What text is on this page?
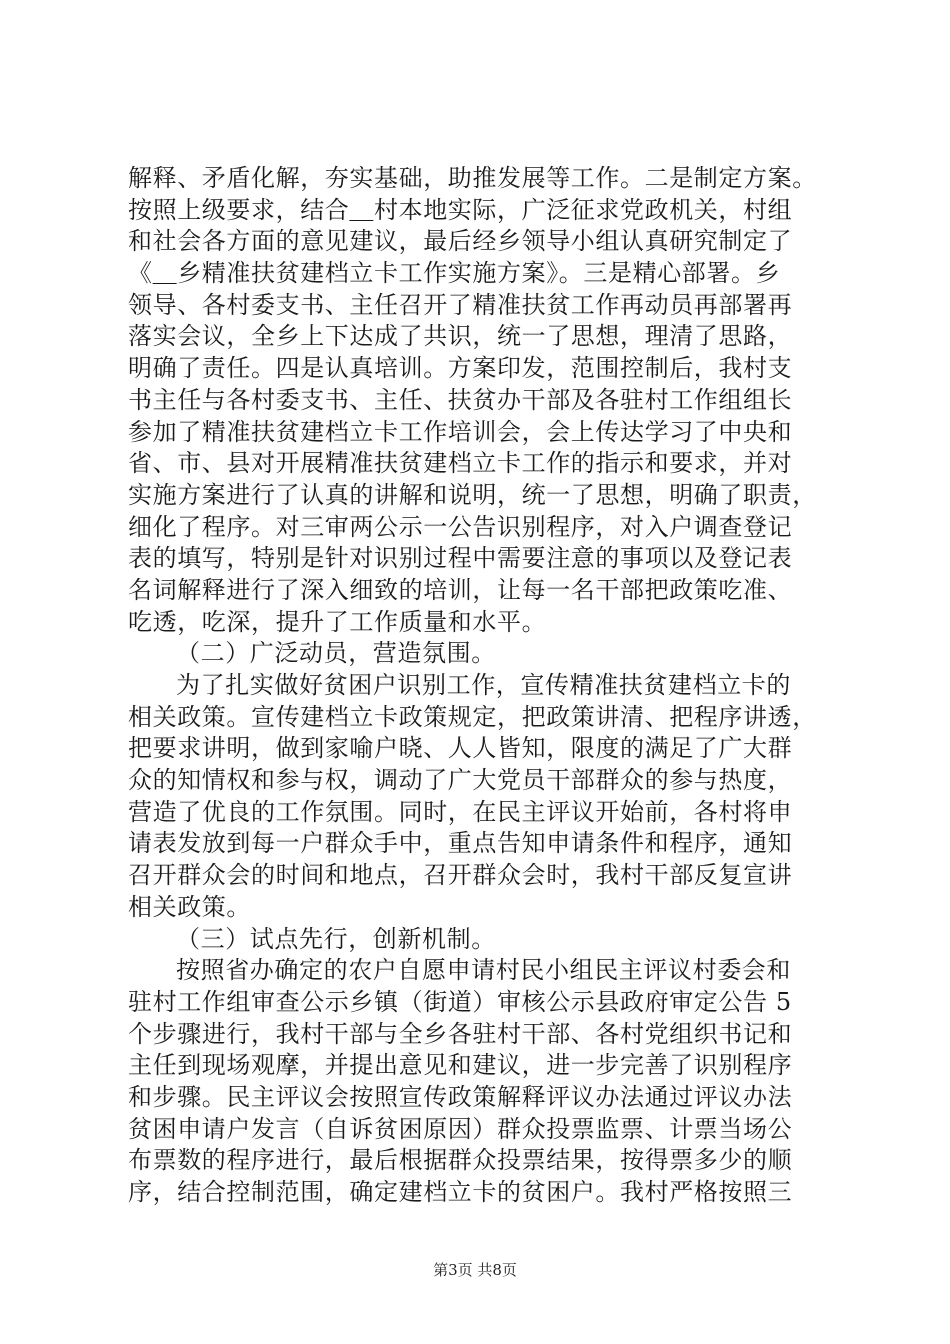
解释、矛盾化解，夯实基础，助推发展等工作。二是制定方案。
按照上级要求，结合＿村本地实际，广泛征求党政机关，村组
和社会各方面的意见建议，最后经乡领导小组认真研究制定了
《＿乡精准扶贫建档立卡工作实施方案》。三是精心部署。乡
领导、各村委支书、主任召开了精准扶贫工作再动员再部署再
落实会议，全乡上下达成了共识，统一了思想，理清了思路，
明确了责任。四是认真培训。方案印发，范围控制后，我村支
书主任与各村委支书、主任、扶贫办干部及各驻村工作组组长
参加了精准扶贫建档立卡工作培训会，会上传达学习了中央和
省、市、县对开展精准扶贫建档立卡工作的指示和要求，并对
实施方案进行了认真的讲解和说明，统一了思想，明确了职责，
细化了程序。对三审两公示一公告识别程序，对入户调查登记
表的填写，特别是针对识别过程中需要注意的事项以及登记表
名词解释进行了深入细致的培训，让每一名干部把政策吃准、
吃透，吃深，提升了工作质量和水平。
（二）广泛动员，营造氛围。
为了扎实做好贫困户识别工作，宣传精准扶贫建档立卡的
相关政策。宣传建档立卡政策规定，把政策讲清、把程序讲透，
把要求讲明，做到家喻户晓、人人皆知，限度的满足了广大群
众的知情权和参与权，调动了广大党员干部群众的参与热度，
营造了优良的工作氛围。同时，在民主评议开始前，各村将申
请表发放到每一户群众手中，重点告知申请条件和程序，通知
召开群众会的时间和地点，召开群众会时，我村干部反复宣讲
相关政策。
（三）试点先行，创新机制。
按照省办确定的农户自愿申请村民小组民主评议村委会和
驻村工作组审查公示乡镇（街道）审核公示县政府审定公告 5
个步骤进行，我村干部与全乡各驻村干部、各村党组织书记和
主任到现场观摩，并提出意见和建议，进一步完善了识别程序
和步骤。民主评议会按照宣传政策解释评议办法通过评议办法
贫困申请户发言（自诉贫困原因）群众投票监票、计票当场公
布票数的程序进行，最后根据群众投票结果，按得票多少的顺
序，结合控制范围，确定建档立卡的贫困户。我村严格按照三
第3页 共8页
